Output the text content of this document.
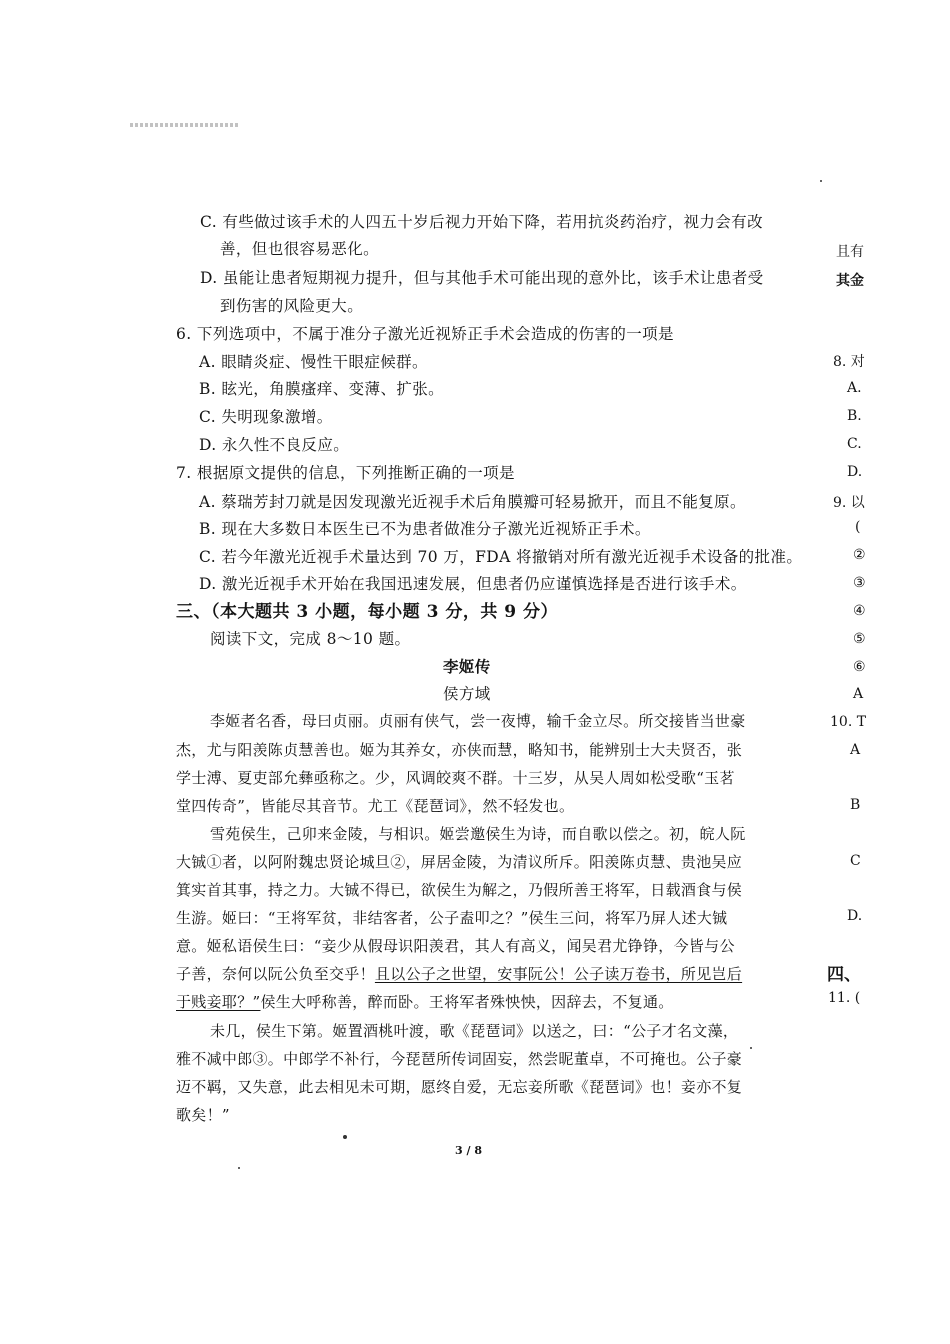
C. 有些做过该手术的人四五十岁后视力开始下降，若用抗炎药治疗，视力会有改
善，但也很容易恶化。
D. 虽能让患者短期视力提升，但与其他手术可能出现的意外比，该手术让患者受
到伤害的风险更大。
6. 下列选项中，不属于准分子激光近视矫正手术会造成的伤害的一项是
A. 眼睛炎症、慢性干眼症候群。
B. 眩光，角膜瘙痒、变薄、扩张。
C. 失明现象激增。
D. 永久性不良反应。
7. 根据原文提供的信息，下列推断正确的一项是
A. 蔡瑞芳封刀就是因发现激光近视手术后角膜瓣可轻易掀开，而且不能复原。
B. 现在大多数日本医生已不为患者做准分子激光近视矫正手术。
C. 若今年激光近视手术量达到 70 万，FDA 将撤销对所有激光近视手术设备的批准。
D. 激光近视手术开始在我国迅速发展，但患者仍应谨慎选择是否进行该手术。
三、（本大题共 3 小题，每小题 3 分，共 9 分）
阅读下文，完成 8～10 题。
李姬传
侯方域
李姬者名香，母曰贞丽。贞丽有侠气，尝一夜博，输千金立尽。所交接皆当世豪
杰，尤与阳羡陈贞慧善也。姬为其养女，亦侠而慧，略知书，能辨别士大夫贤否，张
学士溥、夏吏部允彝亟称之。少，风调皎爽不群。十三岁，从吴人周如松受歌“玉茗
堂四传奇”，皆能尽其音节。尤工《琵琶词》，然不轻发也。
雪苑侯生，己卯来金陵，与相识。姬尝邀侯生为诗，而自歌以偿之。初，皖人阮
大铖①者，以阿附魏忠贤论城旦②，屏居金陵，为清议所斥。阳羡陈贞慧、贵池吴应
箕实首其事，持之力。大铖不得已，欲侯生为解之，乃假所善王将军，日载酒食与侯
生游。姬曰：“王将军贫，非结客者，公子盍叩之？”侯生三问，将军乃屏人述大铖
意。姬私语侯生曰：“妾少从假母识阳羡君，其人有高义，闻吴君尤铮铮，今皆与公
子善，奈何以阮公负至交乎！且以公子之世望，安事阮公！公子读万卷书，所见岂后
于贱妾耶？”侯生大呼称善，醉而卧。王将军者殊怏怏，因辞去，不复通。
未几，侯生下第。姬置酒桃叶渡，歌《琵琶词》以送之，曰：“公子才名文藻，
雅不减中郎③。中郎学不补行，今琵琶所传词固妄，然尝昵董卓，不可掩也。公子豪
迈不羁，又失意，此去相见未可期，愿终自爱，无忘妾所歌《琵琶词》也！妾亦不复
歌矣！”
3 / 8
且有
其金
8. 对
A.
B.
C.
D.
9. 以
(
②
③
④
⑤
⑥
A
10. T
A
B
C
D.
四、
11. (
